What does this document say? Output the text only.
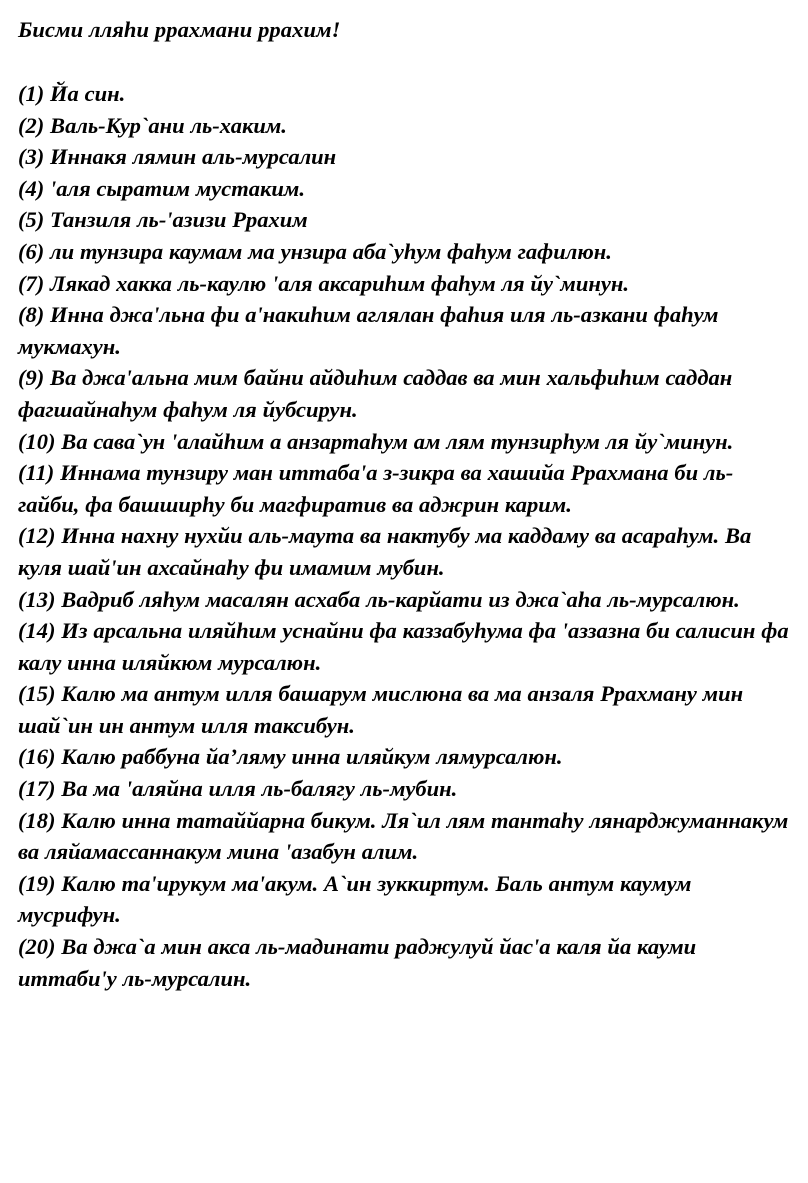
Бисми лляһи ррахмани ррахим!

(1) Йа син.

(2) Валь-Кур`ани ль-хаким.

(3) Иннакя лямин аль-мурсалин

(4) 'аля сыратим мустаким.

(5) Танзиля ль-'азизи Ррахим

(6) ли тунзира каумам ма унзира аба`уһум фаһум гафилюн.

(7) Лякад хакка ль-каулю 'аля аксариһим фаһум ля йу`минун.

(8) Инна джа'льна фи а'накиһим аглялан фаһия иля ль-азкани фаһум мукмахун.

(9) Ва джа'альна мим байни айдиһим саддав ва мин хальфиһим саддан фагшайнаһум фаһум ля йубсирун.

(10) Ва сава`ун 'алайһим а анзартаһум ам лям тунзирһум ля йу`минун.

(11) Иннама тунзиру ман иттаба'а з-зикра ва хашийа Ррахмана би ль-гайби, фа башширһу би магфиратив ва аджрин карим.

(12) Инна нахну нухйи аль-маута ва нактубу ма каддаму ва асараһум. Ва куля шай'ин ахсайнаһу фи имамим мубин.

(13) Вадриб ляһум масалян асхаба ль-карйати из джа`аһа ль-мурсалюн.

(14) Из арсальна иляйһим уснайни фа каззабуһума фа 'аззазна би салисин фа калу инна иляйкюм мурсалюн.

(15) Калю ма антум илля башарум мислюна ва ма анзаля Ррахману мин шай`ин ин антум илля таксибун.

(16) Калю раббуна йа’ляму инна иляйкум лямурсалюн.

(17) Ва ма 'аляйна илля ль-балягу ль-мубин.

(18) Калю инна татаййарна бикум. Ля`ил лям тантаһу лянарджуманнакум ва ляйамассаннакум мина 'азабун алим.

(19) Калю та'ирукум ма'акум. А`ин зуккиртум. Баль антум каумум мусрифун.

(20) Ва джа`а мин акса ль-мадинати раджулуй йас'а каля йа кауми иттаби'у ль-мурсалин.
